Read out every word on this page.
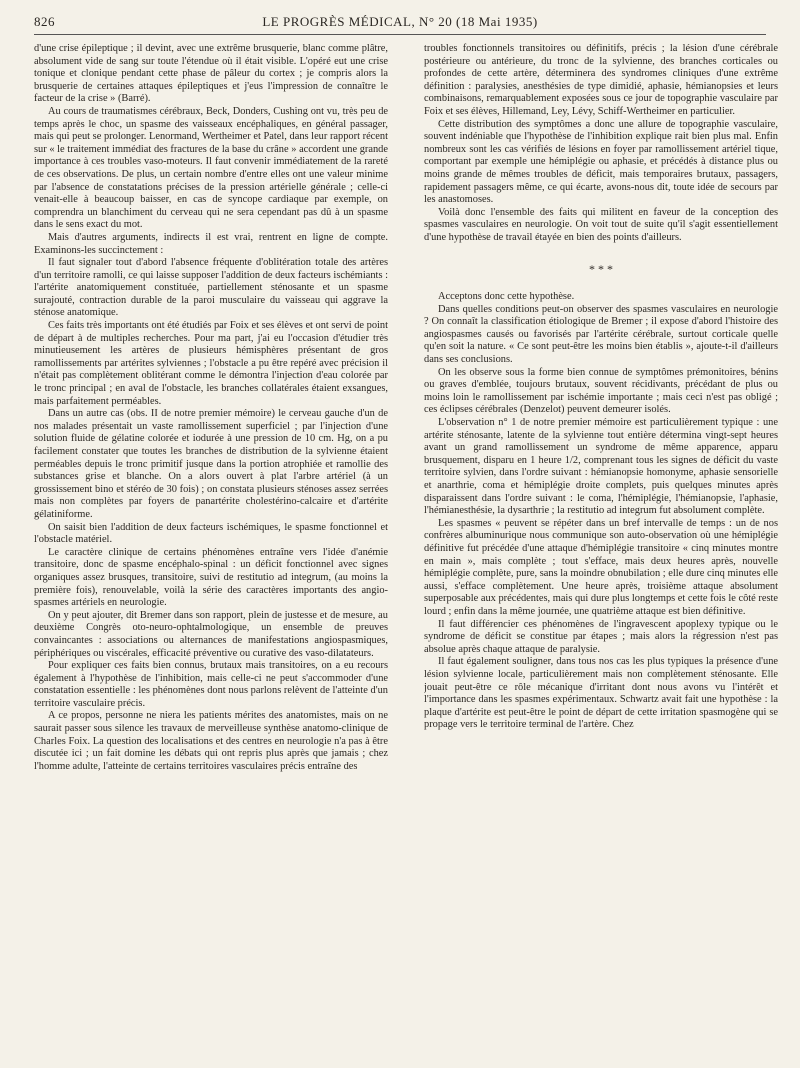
826	LE PROGRÈS MÉDICAL, N° 20 (18 Mai 1935)

d'une crise épileptique ; il devint, avec une extrême brusquerie, blanc comme plâtre, absolument vide de sang sur toute l'étendue où il était visible. L'opéré eut une crise tonique et clonique pendant cette phase de pâleur du cortex ; je compris alors la brusquerie de certaines attaques épileptiques et j'eus l'impression de connaître le facteur de la crise » (Barré).

Au cours de traumatismes cérébraux, Beck, Donders, Cushing ont vu, très peu de temps après le choc, un spasme des vaisseaux encéphaliques, en général passager, mais qui peut se prolonger. Lenormand, Wertheimer et Patel, dans leur rapport récent sur « le traitement immédiat des fractures de la base du crâne » accordent une grande importance à ces troubles vaso-moteurs. Il faut convenir immédiatement de la rareté de ces observations. De plus, un certain nombre d'entre elles ont une valeur minime par l'absence de constatations précises de la pression artérielle générale ; celle-ci venait-elle à beaucoup baisser, en cas de syncope cardiaque par exemple, on comprendra un blanchiment du cerveau qui ne sera cependant pas dû à un spasme dans le sens exact du mot.

Mais d'autres arguments, indirects il est vrai, rentrent en ligne de compte. Examinons-les succinctement :

Il faut signaler tout d'abord l'absence fréquente d'oblitération totale des artères d'un territoire ramolli, ce qui laisse supposer l'addition de deux facteurs ischémiants : l'artérite anatomiquement constituée, partiellement sténosante et un spasme surajouté, contraction durable de la paroi musculaire du vaisseau qui aggrave la sténose anatomique.

Ces faits très importants ont été étudiés par Foix et ses élèves et ont servi de point de départ à de multiples recherches. Pour ma part, j'ai eu l'occasion d'étudier très minutieusement les artères de plusieurs hémisphères présentant de gros ramollissements par artérites sylviennes ; l'obstacle a pu être repéré avec précision il n'était pas complètement oblitérant comme le démontra l'injection d'eau colorée par le tronc principal ; en aval de l'obstacle, les branches collatérales étaient exsangues, mais parfaitement perméables.

Dans un autre cas (obs. II de notre premier mémoire) le cerveau gauche d'un de nos malades présentait un vaste ramollissement superficiel ; par l'injection d'une solution fluide de gélatine colorée et iodurée à une pression de 10 cm. Hg, on a pu facilement constater que toutes les branches de distribution de la sylvienne étaient perméables depuis le tronc primitif jusque dans la portion atrophiée et ramollie des substances grise et blanche. On a alors ouvert à plat l'arbre artériel (à un grossissement bino et stéréo de 30 fois) ; on constata plusieurs sténoses assez serrées mais non complètes par foyers de panartérite cholestérino-calcaire et d'artérite gélatiniforme.

On saisit bien l'addition de deux facteurs ischémiques, le spasme fonctionnel et l'obstacle matériel.

Le caractère clinique de certains phénomènes entraîne vers l'idée d'anémie transitoire, donc de spasme encéphalo-spinal : un déficit fonctionnel avec signes organiques assez brusques, transitoire, suivi de restitutio ad integrum, (au moins la première fois), renouvelable, voilà la série des caractères importants des angio-spasmes artériels en neurologie.

On y peut ajouter, dit Bremer dans son rapport, plein de justesse et de mesure, au deuxième Congrès oto-neuro-ophtalmologique, un ensemble de preuves convaincantes : associations ou alternances de manifestations angiospasmiques, périphériques ou viscérales, efficacité préventive ou curative des vaso-dilatateurs.

Pour expliquer ces faits bien connus, brutaux mais transitoires, on a eu recours également à l'hypothèse de l'inhibition, mais celle-ci ne peut s'accommoder d'une constatation essentielle : les phénomènes dont nous parlons relèvent de l'atteinte d'un territoire vasculaire précis.

A ce propos, personne ne niera les patients mérites des anatomistes, mais on ne saurait passer sous silence les travaux de merveilleuse synthèse anatomo-clinique de Charles Foix. La question des localisations et des centres en neurologie n'a pas à être discutée ici ; un fait domine les débats qui ont repris plus après que jamais ; chez l'homme adulte, l'atteinte de certains territoires vasculaires précis entraîne des

troubles fonctionnels transitoires ou définitifs, précis ; la lésion d'une cérébrale postérieure ou antérieure, du tronc de la sylvienne, des branches corticales ou profondes de cette artère, déterminera des syndromes cliniques d'une extrême définition : paralysies, anesthésies de type dimidié, aphasie, hémianopsies et leurs combinaisons, remarquablement exposées sous ce jour de topographie vasculaire par Foix et ses élèves, Hillemand, Ley, Lévy, Schiff-Wertheimer en particulier.

Cette distribution des symptômes a donc une allure de topographie vasculaire, souvent indéniable que l'hypothèse de l'inhibition explique rait bien plus mal. Enfin nombreux sont les cas vérifiés de lésions en foyer par ramollissement artériel tique, comportant par exemple une hémiplégie ou aphasie, et précédés à distance plus ou moins grande de mêmes troubles de déficit, mais temporaires brutaux, passagers, rapidement passagers même, ce qui écarte, avons-nous dit, toute idée de secours par les anastomoses.

Voilà donc l'ensemble des faits qui militent en faveur de la conception des spasmes vasculaires en neurologie. On voit tout de suite qu'il s'agit essentiellement d'une hypothèse de travail étayée en bien des points d'ailleurs.

* * *

Acceptons donc cette hypothèse.

Dans quelles conditions peut-on observer des spasmes vasculaires en neurologie ? On connaît la classification étiologique de Bremer ; il expose d'abord l'histoire des angiospasmes causés ou favorisés par l'artérite cérébrale, surtout corticale quelle qu'en soit la nature. « Ce sont peut-être les moins bien établis », ajoute-t-il d'ailleurs dans ses conclusions.

On les observe sous la forme bien connue de symptômes prémonitoires, bénins ou graves d'emblée, toujours brutaux, souvent récidivants, précédant de plus ou moins loin le ramollissement par ischémie importante ; mais ceci n'est pas obligé ; ces éclipses cérébrales (Denzelot) peuvent demeurer isolés.

L'observation n° 1 de notre premier mémoire est particulièrement typique : une artérite sténosante, latente de la sylvienne tout entière détermina vingt-sept heures avant un grand ramollissement un syndrome de même apparence, apparu brusquement, disparu en 1 heure 1/2, comprenant tous les signes de déficit du vaste territoire sylvien, dans l'ordre suivant : hémianopsie homonyme, aphasie sensorielle et anarthrie, coma et hémiplégie droite complets, puis quelques minutes après disparaissent dans l'ordre suivant : le coma, l'hémiplégie, l'hémianopsie, l'aphasie, l'hémianesthésie, la dysarthrie ; la restitutio ad integrum fut absolument complète.

Les spasmes « peuvent se répéter dans un bref intervalle de temps : un de nos confrères albuminurique nous communique son auto-observation où une hémiplégie définitive fut précédée d'une attaque d'hémiplégie transitoire « cinq minutes montre en main », mais complète ; tout s'efface, mais deux heures après, nouvelle hémiplégie complète, pure, sans la moindre obnubilation ; elle dure cinq minutes elle aussi, s'efface complètement. Une heure après, troisième attaque absolument superposable aux précédentes, mais qui dure plus longtemps et cette fois le côté reste lourd ; enfin dans la même journée, une quatrième attaque est bien définitive.

Il faut différencier ces phénomènes de l'ingravescent apoplexy typique ou le syndrome de déficit se constitue par étapes ; mais alors la régression n'est pas absolue après chaque attaque de paralysie.

Il faut également souligner, dans tous nos cas les plus typiques la présence d'une lésion sylvienne locale, particulièrement mais non complètement sténosante. Elle jouait peut-être ce rôle mécanique d'irritant dont nous avons vu l'intérêt et l'importance dans les spasmes expérimentaux. Schwartz avait fait une hypothèse : la plaque d'artérite est peut-être le point de départ de cette irritation spasmogène qui se propage vers le territoire terminal de l'artère. Chez
